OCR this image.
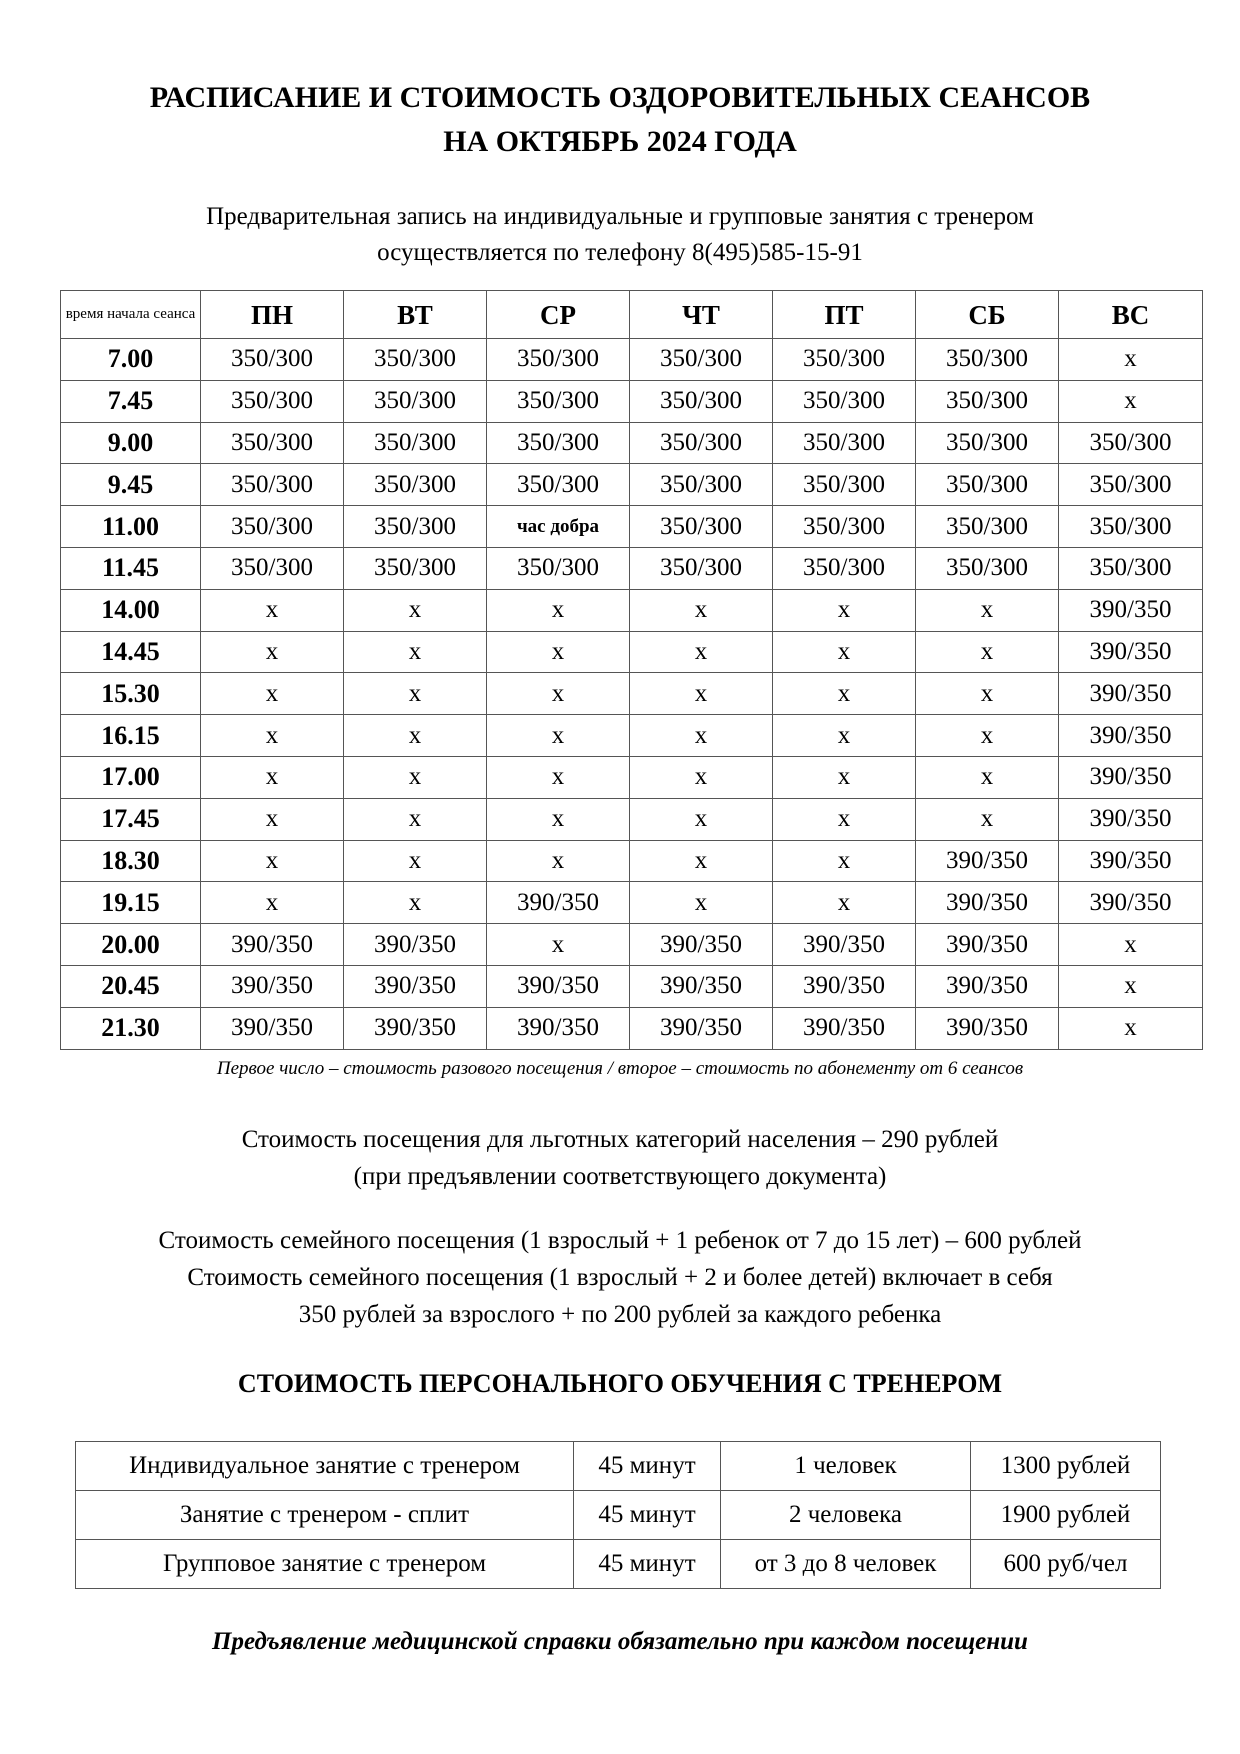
РАСПИСАНИЕ И СТОИМОСТЬ ОЗДОРОВИТЕЛЬНЫХ СЕАНСОВ
НА ОКТЯБРЬ 2024 ГОДА
Предварительная запись на индивидуальные и групповые занятия с тренером
осуществляется по телефону 8(495)585-15-91
время начала сеанса	ПН	ВТ	СР	ЧТ	ПТ	СБ	ВС
7.00	350/300	350/300	350/300	350/300	350/300	350/300	х
7.45	350/300	350/300	350/300	350/300	350/300	350/300	х
9.00	350/300	350/300	350/300	350/300	350/300	350/300	350/300
9.45	350/300	350/300	350/300	350/300	350/300	350/300	350/300
11.00	350/300	350/300	час добра	350/300	350/300	350/300	350/300
11.45	350/300	350/300	350/300	350/300	350/300	350/300	350/300
14.00	х	х	х	х	х	х	390/350
14.45	х	х	х	х	х	х	390/350
15.30	х	х	х	х	х	х	390/350
16.15	х	х	х	х	х	х	390/350
17.00	х	х	х	х	х	х	390/350
17.45	х	х	х	х	х	х	390/350
18.30	х	х	х	х	х	390/350	390/350
19.15	х	х	390/350	х	х	390/350	390/350
20.00	390/350	390/350	х	390/350	390/350	390/350	х
20.45	390/350	390/350	390/350	390/350	390/350	390/350	х
21.30	390/350	390/350	390/350	390/350	390/350	390/350	х
Первое число – стоимость разового посещения / второе – стоимость по абонементу от 6 сеансов
Стоимость посещения для льготных категорий населения – 290 рублей
(при предъявлении соответствующего документа)
Стоимость семейного посещения (1 взрослый + 1 ребенок от 7 до 15 лет) – 600 рублей
Стоимость семейного посещения (1 взрослый + 2 и более детей) включает в себя
350 рублей за взрослого + по 200 рублей за каждого ребенка
СТОИМОСТЬ ПЕРСОНАЛЬНОГО ОБУЧЕНИЯ С ТРЕНЕРОМ
Индивидуальное занятие с тренером	45 минут	1 человек	1300 рублей
Занятие с тренером - сплит	45 минут	2 человека	1900 рублей
Групповое занятие с тренером	45 минут	от 3 до 8 человек	600 руб/чел
Предъявление медицинской справки обязательно при каждом посещении
